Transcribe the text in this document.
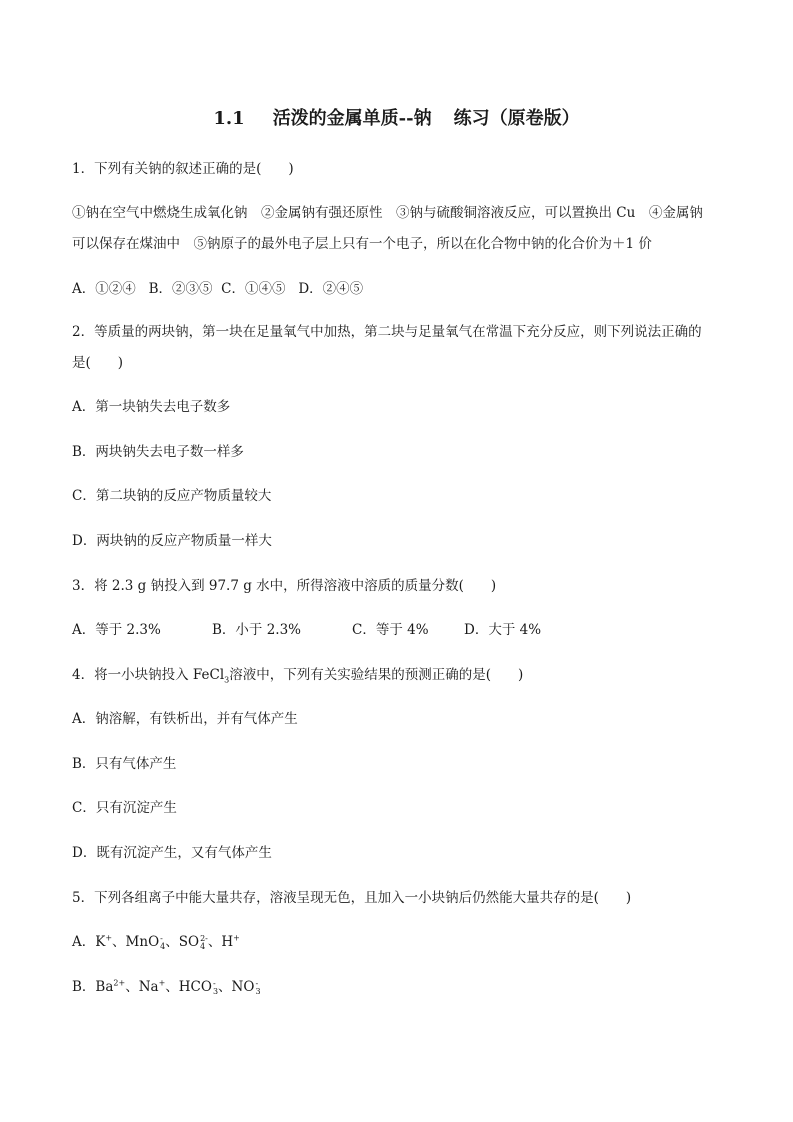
1.1 活泼的金属单质--钠 练习（原卷版）
1．下列有关钠的叙述正确的是(　　)
①钠在空气中燃烧生成氧化钠　②金属钠有强还原性　③钠与硫酸铜溶液反应，可以置换出 Cu　④金属钠
可以保存在煤油中　⑤钠原子的最外电子层上只有一个电子，所以在化合物中钠的化合价为＋1 价
A．①②④ B．②③⑤ C．①④⑤ D．②④⑤
2．等质量的两块钠，第一块在足量氧气中加热，第二块与足量氧气在常温下充分反应，则下列说法正确的
是(　　)
A．第一块钠失去电子数多
B．两块钠失去电子数一样多
C．第二块钠的反应产物质量较大
D．两块钠的反应产物质量一样大
3．将 2.3 g 钠投入到 97.7 g 水中，所得溶液中溶质的质量分数(　　)
A．等于 2.3%	B．小于 2.3%	C．等于 4%	D．大于 4%
4．将一小块钠投入 FeCl$_3$溶液中，下列有关实验结果的预测正确的是(　　)
A．钠溶解，有铁析出，并有气体产生
B．只有气体产生
C．只有沉淀产生
D．既有沉淀产生，又有气体产生
5．下列各组离子中能大量共存，溶液呈现无色，且加入一小块钠后仍然能大量共存的是(　　)
A．K+、MnO -
4 、SO 2-
4 、H+
B．$Ba^{2+}$、Na+、HCO -
3 、NO -
3
